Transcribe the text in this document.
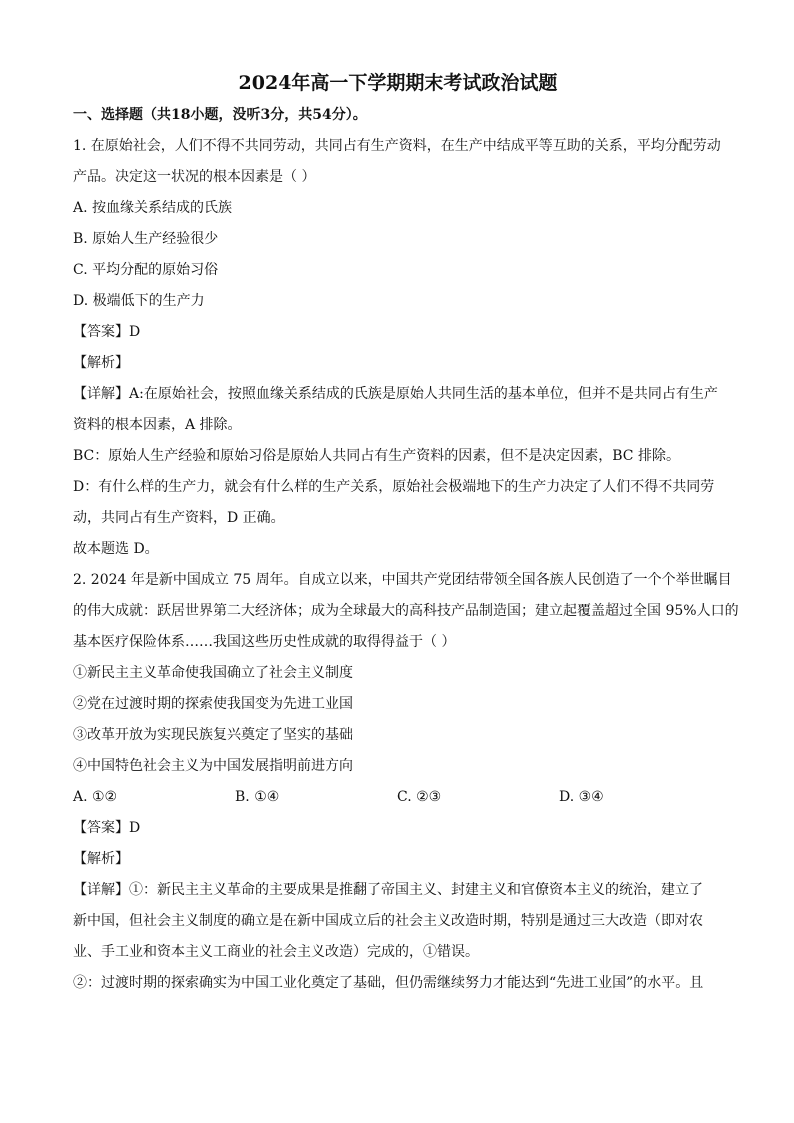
2024年高一下学期期末考试政治试题
一、选择题（共18小题，没听3分，共54分）。
1. 在原始社会，人们不得不共同劳动，共同占有生产资料，在生产中结成平等互助的关系，平均分配劳动
产品。决定这一状况的根本因素是（ ）
A. 按血缘关系结成的氏族
B. 原始人生产经验很少
C. 平均分配的原始习俗
D. 极端低下的生产力
【答案】D
【解析】
【详解】A:在原始社会，按照血缘关系结成的氏族是原始人共同生活的基本单位，但并不是共同占有生产
资料的根本因素，A 排除。
BC：原始人生产经验和原始习俗是原始人共同占有生产资料的因素，但不是决定因素，BC 排除。
D：有什么样的生产力，就会有什么样的生产关系，原始社会极端地下的生产力决定了人们不得不共同劳
动，共同占有生产资料，D 正确。
故本题选 D。
2. 2024 年是新中国成立 75 周年。自成立以来，中国共产党团结带领全国各族人民创造了一个个举世瞩目
的伟大成就：跃居世界第二大经济体；成为全球最大的高科技产品制造国；建立起覆盖超过全国 95%人口的
基本医疗保险体系……我国这些历史性成就的取得得益于（ ）
①新民主主义革命使我国确立了社会主义制度
②党在过渡时期的探索使我国变为先进工业国
③改革开放为实现民族复兴奠定了坚实的基础
④中国特色社会主义为中国发展指明前进方向
A. ①②	B. ①④	C. ②③	D. ③④
【答案】D
【解析】
【详解】①：新民主主义革命的主要成果是推翻了帝国主义、封建主义和官僚资本主义的统治，建立了
新中国，但社会主义制度的确立是在新中国成立后的社会主义改造时期，特别是通过三大改造（即对农
业、手工业和资本主义工商业的社会主义改造）完成的，①错误。
②：过渡时期的探索确实为中国工业化奠定了基础，但仍需继续努力才能达到“先进工业国”的水平。且
